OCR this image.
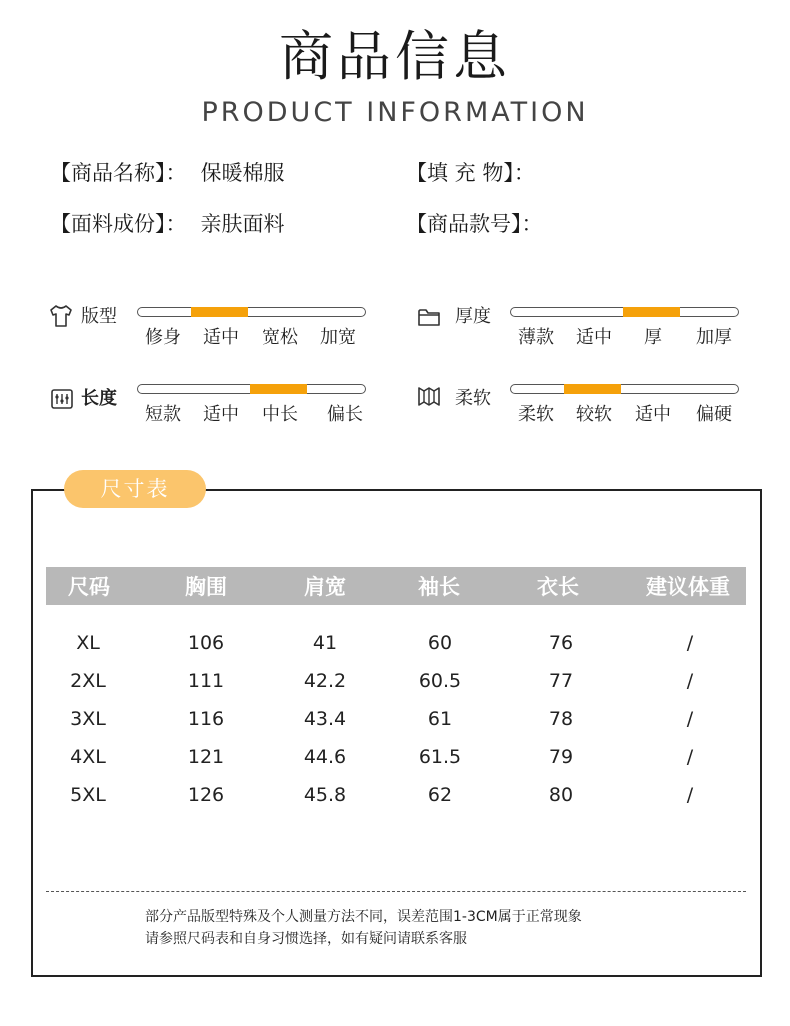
商品信息
PRODUCT INFORMATION
【商品名称】： 保暖棉服	【填 充 物】：
【面料成份】： 亲肤面料	【商品款号】：
版型
修身	适中	宽松	加宽
厚度
薄款	适中	厚	加厚
长度
短款	适中	中长	偏长
柔软
柔软	较软	适中	偏硬
尺寸表
尺码	胸围	肩宽	袖长	衣长	建议体重
XL	106	41	60	76	/
2XL	111	42.2	60.5	77	/
3XL	116	43.4	61	78	/
4XL	121	44.6	61.5	79	/
5XL	126	45.8	62	80	/
部分产品版型特殊及个人测量方法不同，误差范围1-3CM属于正常现象
请参照尺码表和自身习惯选择，如有疑问请联系客服
